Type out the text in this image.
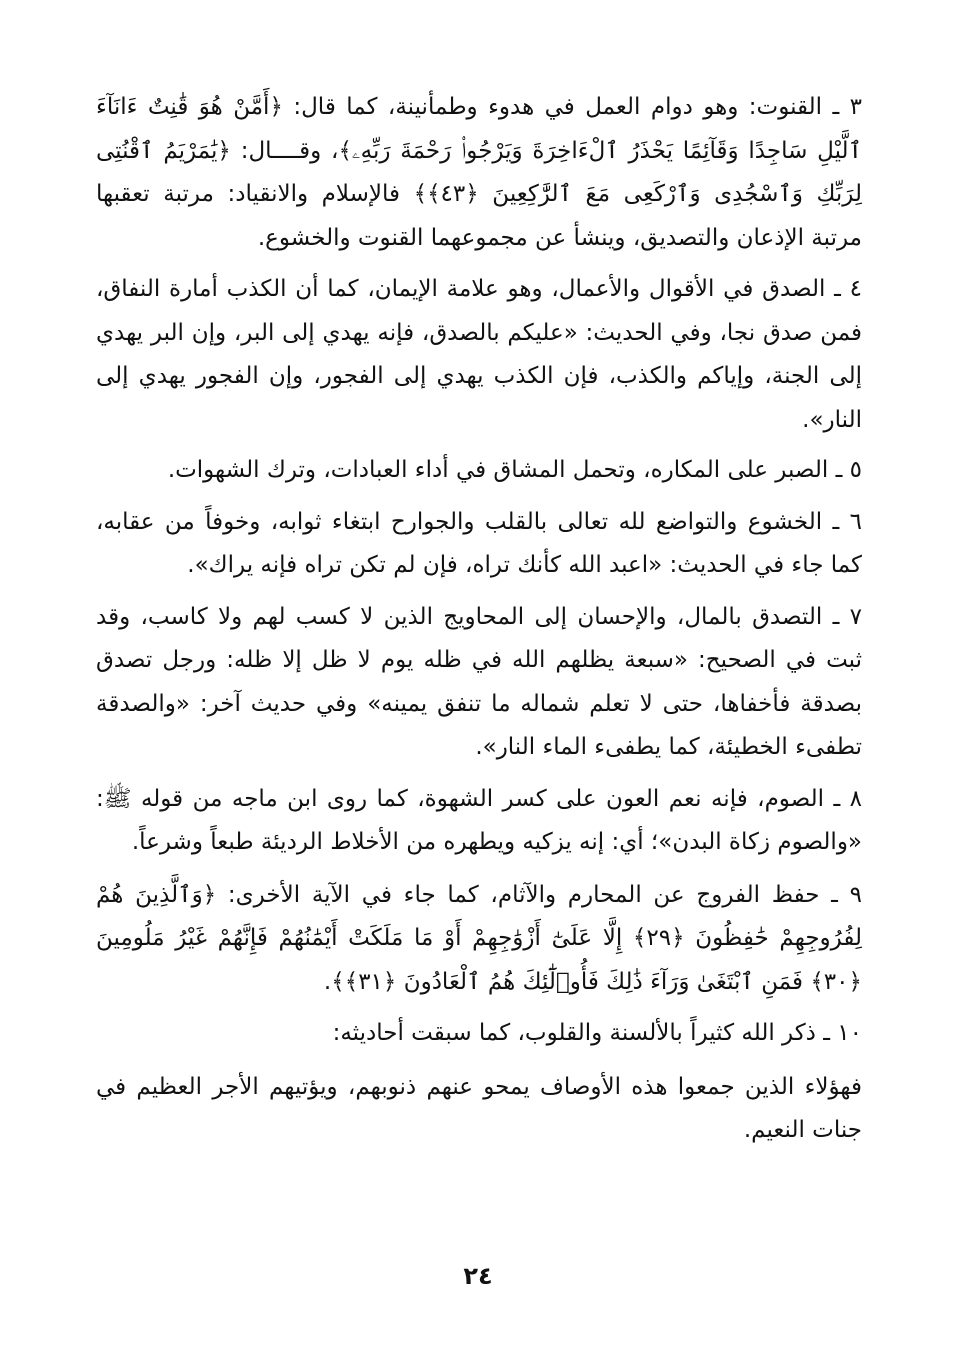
٣ ـ القنوت: وهو دوام العمل في هدوء وطمأنينة، كما قال: ﴿أَمَّنْ هُوَ قَٰنِتٌ ءَانَآءَ ٱلَّيْلِ سَاجِدًا وَقَآئِمًا يَحْذَرُ ٱلْءَاخِرَةَ وَيَرْجُوا۟ رَحْمَةَ رَبِّهِۦ﴾، وقــــال: ﴿يَٰمَرْيَمُ ٱقْنُتِى لِرَبِّكِ وَٱسْجُدِى وَٱرْكَعِى مَعَ ٱلرَّٰكِعِينَ ﴿٤٣﴾﴾ فالإسلام والانقياد: مرتبة تعقبها مرتبة الإذعان والتصديق، وينشأ عن مجموعهما القنوت والخشوع.

٤ ـ الصدق في الأقوال والأعمال، وهو علامة الإيمان، كما أن الكذب أمارة النفاق، فمن صدق نجا، وفي الحديث: «عليكم بالصدق، فإنه يهدي إلى البر، وإن البر يهدي إلى الجنة، وإياكم والكذب، فإن الكذب يهدي إلى الفجور، وإن الفجور يهدي إلى النار».

٥ ـ الصبر على المكاره، وتحمل المشاق في أداء العبادات، وترك الشهوات.

٦ ـ الخشوع والتواضع لله تعالى بالقلب والجوارح ابتغاء ثوابه، وخوفاً من عقابه، كما جاء في الحديث: «اعبد الله كأنك تراه، فإن لم تكن تراه فإنه يراك».

٧ ـ التصدق بالمال، والإحسان إلى المحاويج الذين لا كسب لهم ولا كاسب، وقد ثبت في الصحيح: «سبعة يظلهم الله في ظله يوم لا ظل إلا ظله: ورجل تصدق بصدقة فأخفاها، حتى لا تعلم شماله ما تنفق يمينه» وفي حديث آخر: «والصدقة تطفىء الخطيئة، كما يطفىء الماء النار».

٨ ـ الصوم، فإنه نعم العون على كسر الشهوة، كما روى ابن ماجه من قوله ﷺ: «والصوم زكاة البدن»؛ أي: إنه يزكيه ويطهره من الأخلاط الرديئة طبعاً وشرعاً.

٩ ـ حفظ الفروج عن المحارم والآثام، كما جاء في الآية الأخرى: ﴿وَٱلَّذِينَ هُمْ لِفُرُوجِهِمْ حَٰفِظُونَ ﴿٢٩﴾ إِلَّا عَلَىٰٓ أَزْوَٰجِهِمْ أَوْ مَا مَلَكَتْ أَيْمَٰنُهُمْ فَإِنَّهُمْ غَيْرُ مَلُومِينَ ﴿٣٠﴾ فَمَنِ ٱبْتَغَىٰ وَرَآءَ ذَٰلِكَ فَأُو۟لَٰٓئِكَ هُمُ ٱلْعَادُونَ ﴿٣١﴾﴾.

١٠ ـ ذكر الله كثيراً بالألسنة والقلوب، كما سبقت أحاديثه:

فهؤلاء الذين جمعوا هذه الأوصاف يمحو عنهم ذنوبهم، ويؤتيهم الأجر العظيم في جنات النعيم.

٢٤
